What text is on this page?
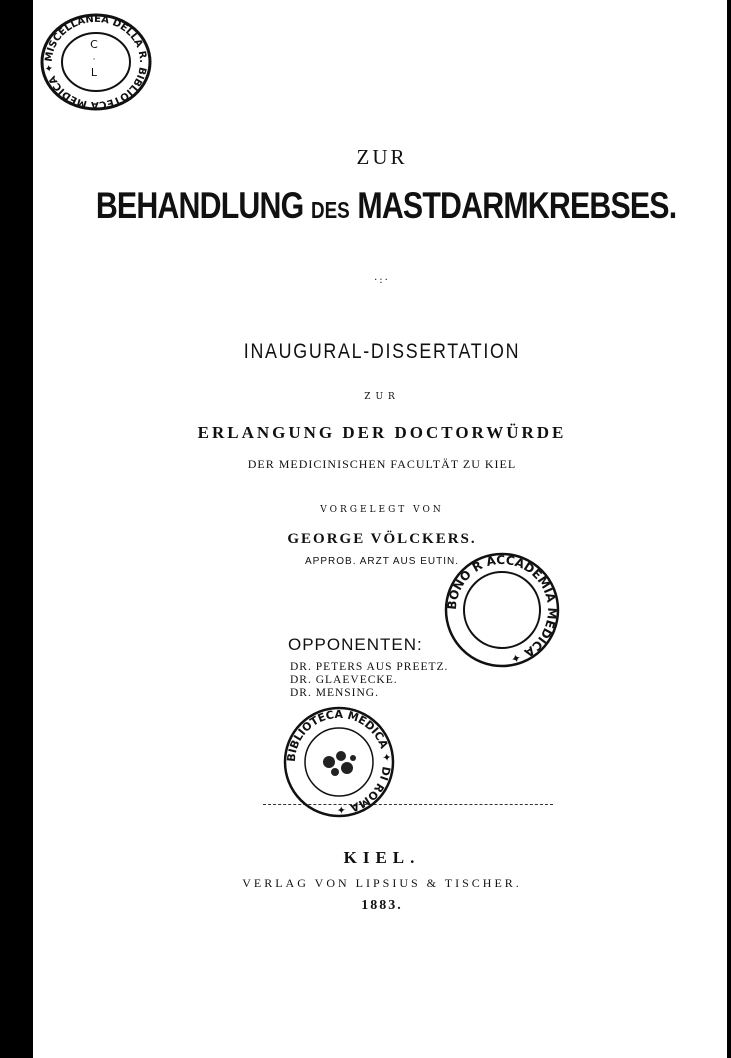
ZUR
BEHANDLUNG DES MASTDARMKREBSES.
·:·
INAUGURAL-DISSERTATION
ZUR
ERLANGUNG DER DOCTORWÜRDE
DER MEDICINISCHEN FACULTÄT ZU KIEL
VORGELEGT VON
GEORGE VÖLCKERS.
APPROB. ARZT AUS EUTIN.
OPPONENTEN:
DR. PETERS AUS PREETZ.
DR. GLAEVECKE.
DR. MENSING.
KIEL.
VERLAG VON LIPSIUS & TISCHER.
1883.
MISCELLANEA DELLA R. BIBLIOTECA MEDICA ✦
C
·
L
BONO R ACCADEMIA MEDICA ✦
BIBLIOTECA MEDICA ✦ DI ROMA ✦
